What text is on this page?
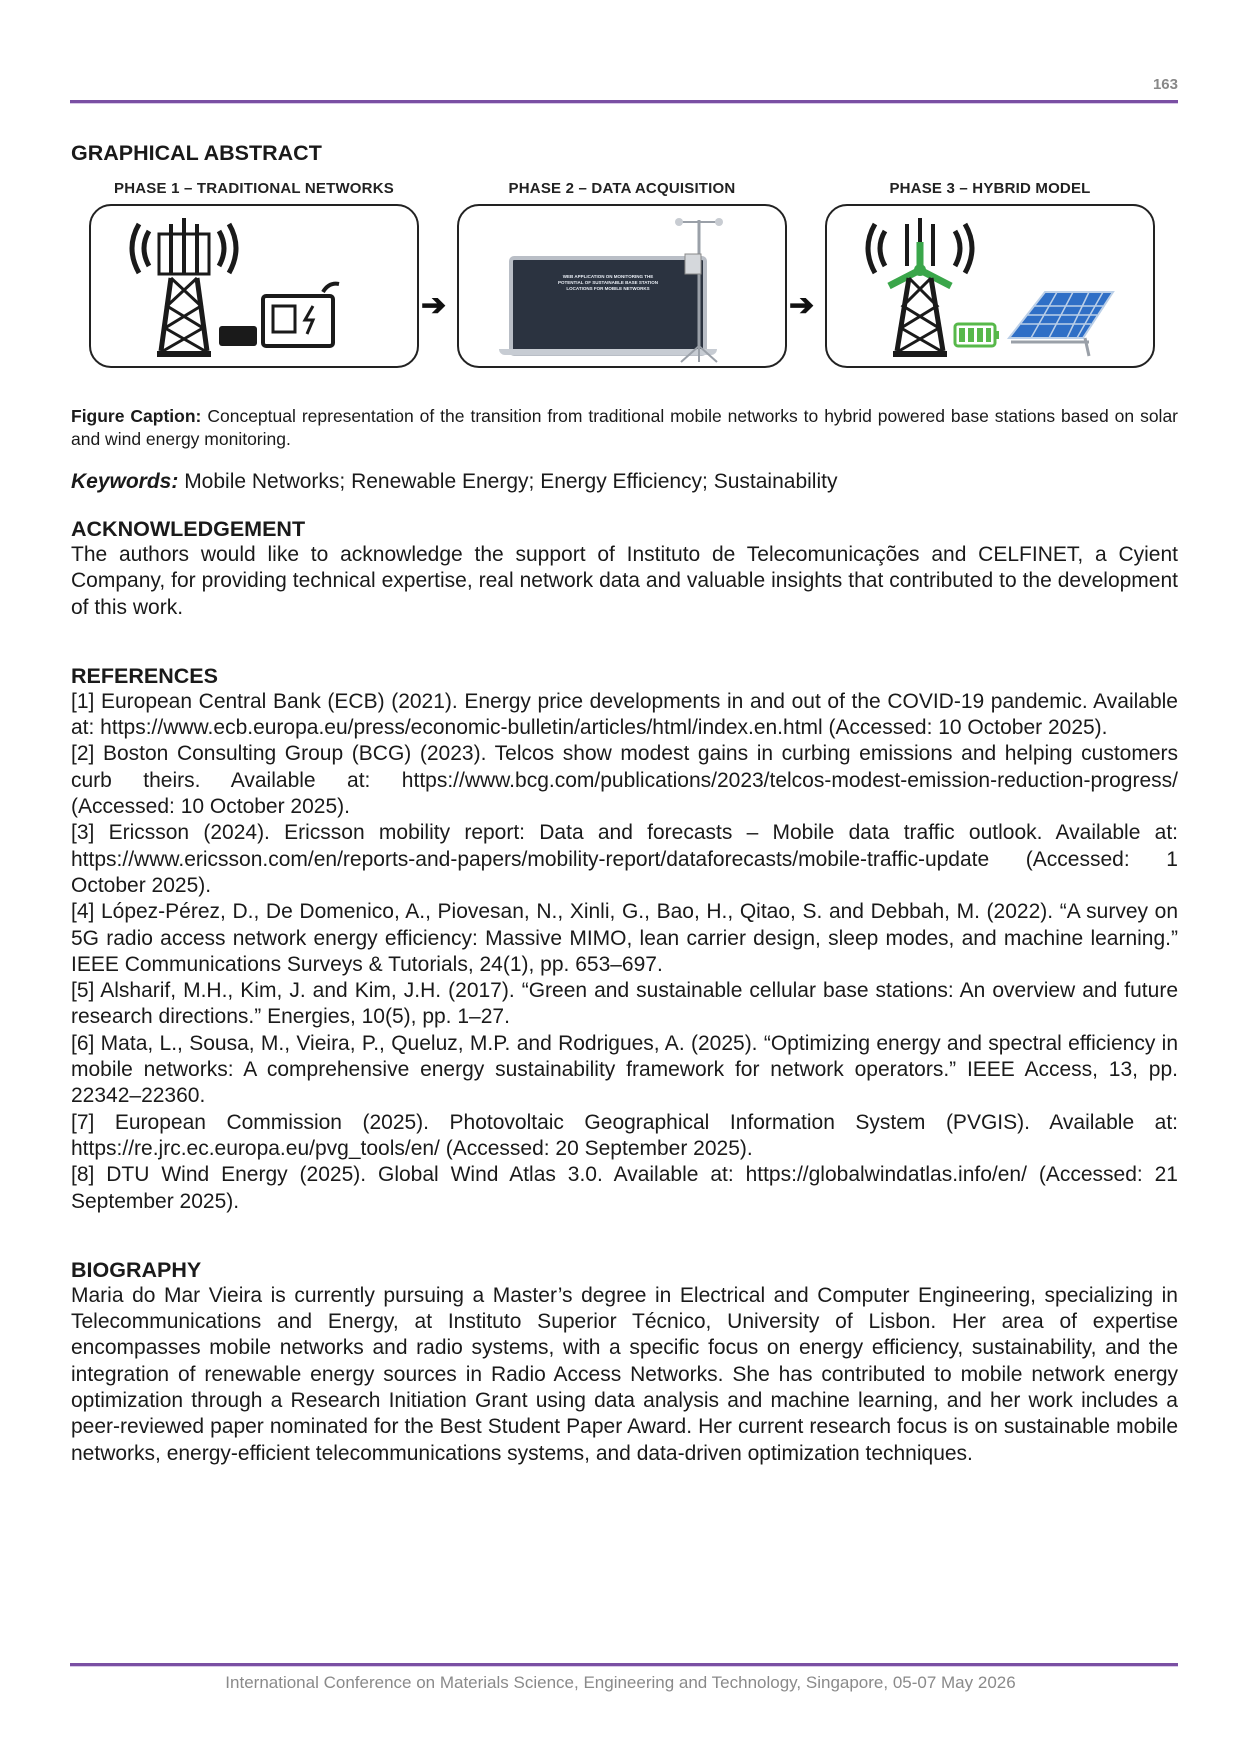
163
GRAPHICAL ABSTRACT
PHASE 1 – TRADITIONAL NETWORKS
➔
PHASE 2 – DATA ACQUISITION
WEB APPLICATION ON MONITORING THE POTENTIAL OF SUSTAINABLE BASE STATION LOCATIONS FOR MOBILE NETWORKS
➔
PHASE 3 – HYBRID MODEL

Figure Caption: Conceptual representation of the transition from traditional mobile networks to hybrid powered base stations based on solar and wind energy monitoring.

Keywords: Mobile Networks; Renewable Energy; Energy Efficiency; Sustainability

ACKNOWLEDGEMENT

The authors would like to acknowledge the support of Instituto de Telecomunicações and CELFINET, a Cyient Company, for providing technical expertise, real network data and valuable insights that contributed to the development of this work.

REFERENCES

[1] European Central Bank (ECB) (2021). Energy price developments in and out of the COVID-19 pandemic. Available at: https://www.ecb.europa.eu/press/economic-bulletin/articles/html/index.en.html (Accessed: 10 October 2025).

[2] Boston Consulting Group (BCG) (2023). Telcos show modest gains in curbing emissions and helping customers curb theirs. Available at: https://www.bcg.com/publications/2023/telcos-modest-emission-reduction-progress/ (Accessed: 10 October 2025).

[3] Ericsson (2024). Ericsson mobility report: Data and forecasts – Mobile data traffic outlook. Available at: https://www.ericsson.com/en/reports-and-papers/mobility-report/dataforecasts/mobile-traffic-update (Accessed: 1 October 2025).

[4] López-Pérez, D., De Domenico, A., Piovesan, N., Xinli, G., Bao, H., Qitao, S. and Debbah, M. (2022). “A survey on 5G radio access network energy efficiency: Massive MIMO, lean carrier design, sleep modes, and machine learning.” IEEE Communications Surveys & Tutorials, 24(1), pp. 653–697.

[5] Alsharif, M.H., Kim, J. and Kim, J.H. (2017). “Green and sustainable cellular base stations: An overview and future research directions.” Energies, 10(5), pp. 1–27.

[6] Mata, L., Sousa, M., Vieira, P., Queluz, M.P. and Rodrigues, A. (2025). “Optimizing energy and spectral efficiency in mobile networks: A comprehensive energy sustainability framework for network operators.” IEEE Access, 13, pp. 22342–22360.

[7] European Commission (2025). Photovoltaic Geographical Information System (PVGIS). Available at: https://re.jrc.ec.europa.eu/pvg_tools/en/ (Accessed: 20 September 2025).

[8] DTU Wind Energy (2025). Global Wind Atlas 3.0. Available at: https://globalwindatlas.info/en/ (Accessed: 21 September 2025).

BIOGRAPHY

Maria do Mar Vieira is currently pursuing a Master’s degree in Electrical and Computer Engineering, specializing in Telecommunications and Energy, at Instituto Superior Técnico, University of Lisbon. Her area of expertise encompasses mobile networks and radio systems, with a specific focus on energy efficiency, sustainability, and the integration of renewable energy sources in Radio Access Networks. She has contributed to mobile network energy optimization through a Research Initiation Grant using data analysis and machine learning, and her work includes a peer-reviewed paper nominated for the Best Student Paper Award. Her current research focus is on sustainable mobile networks, energy-efficient telecommunications systems, and data-driven optimization techniques.

International Conference on Materials Science, Engineering and Technology, Singapore, 05-07 May 2026
